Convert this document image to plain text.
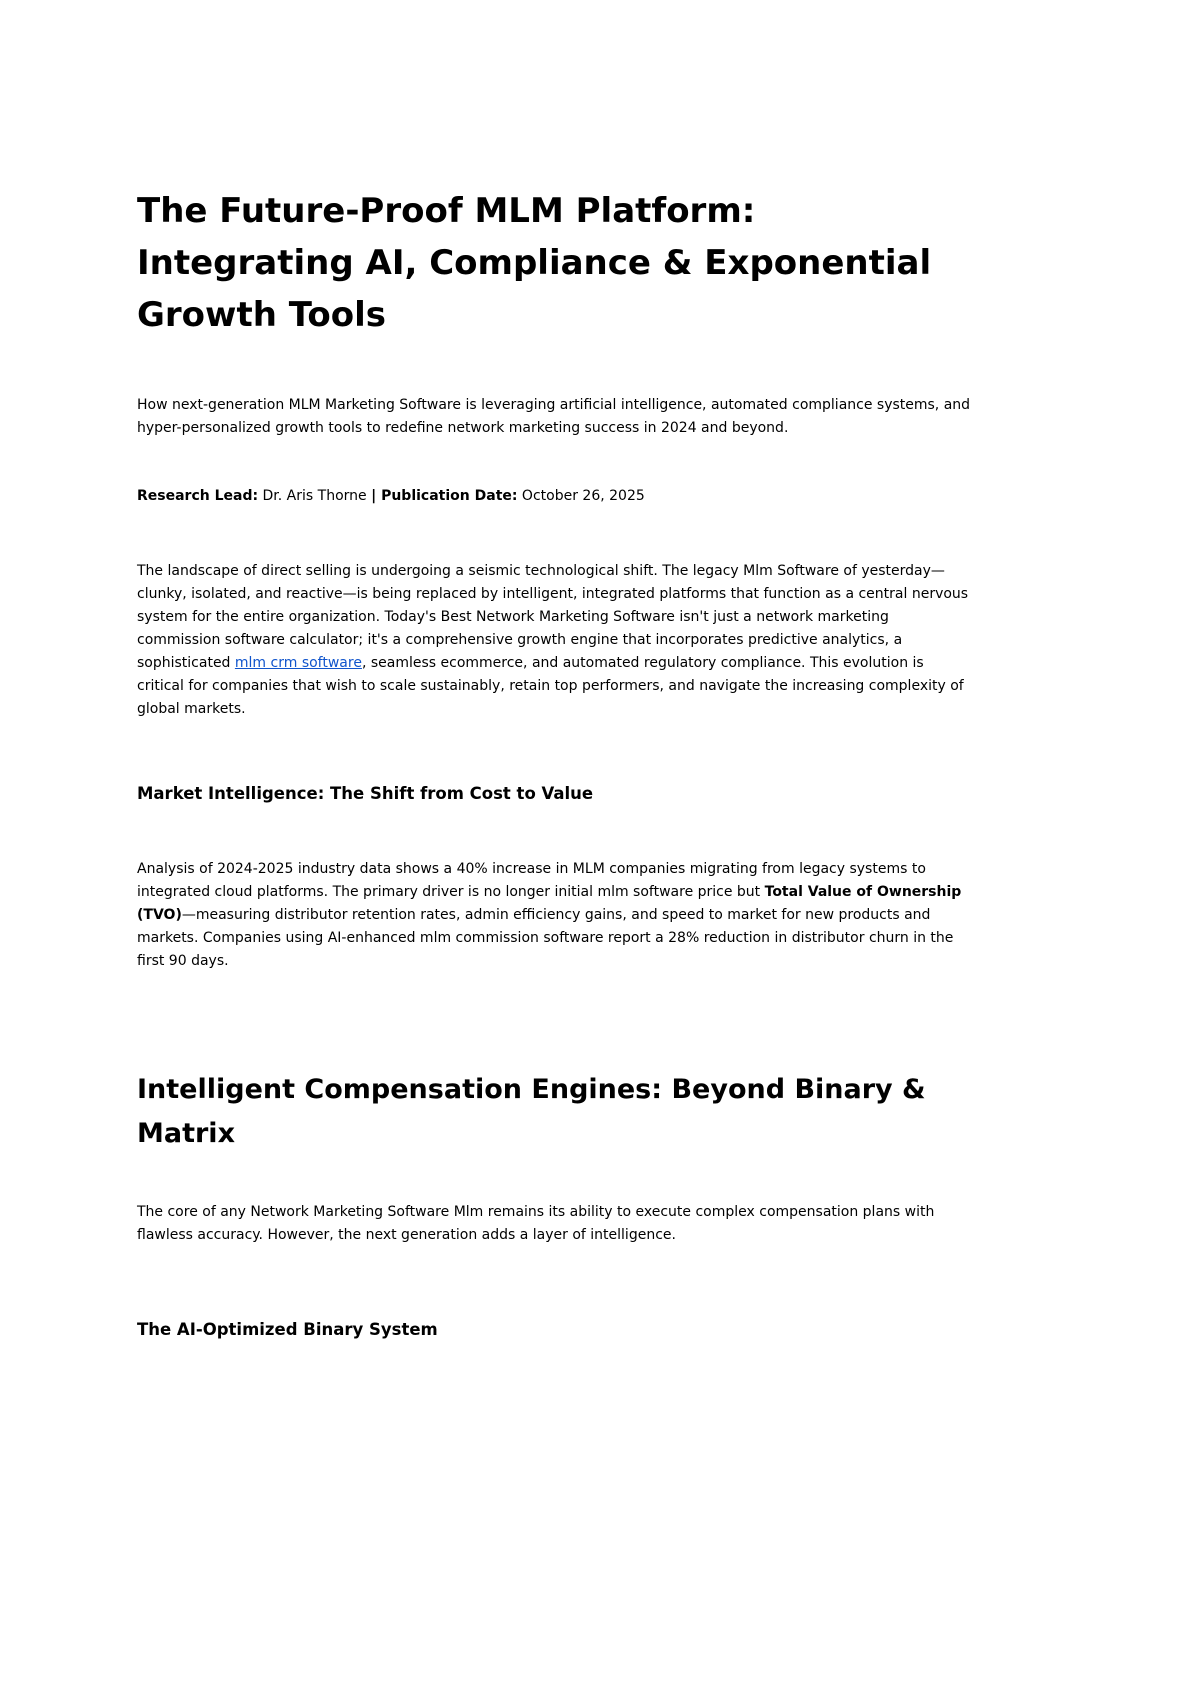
The Future-Proof MLM Platform: Integrating AI, Compliance & Exponential Growth Tools

How next-generation MLM Marketing Software is leveraging artificial intelligence, automated compliance systems, and hyper-personalized growth tools to redefine network marketing success in 2024 and beyond.

Research Lead: Dr. Aris Thorne | Publication Date: October 26, 2025

The landscape of direct selling is undergoing a seismic technological shift. The legacy Mlm Software of yesterday—clunky, isolated, and reactive—is being replaced by intelligent, integrated platforms that function as a central nervous system for the entire organization. Today's Best Network Marketing Software isn't just a network marketing commission software calculator; it's a comprehensive growth engine that incorporates predictive analytics, a sophisticated mlm crm software, seamless ecommerce, and automated regulatory compliance. This evolution is critical for companies that wish to scale sustainably, retain top performers, and navigate the increasing complexity of global markets.

Market Intelligence: The Shift from Cost to Value

Analysis of 2024-2025 industry data shows a 40% increase in MLM companies migrating from legacy systems to integrated cloud platforms. The primary driver is no longer initial mlm software price but Total Value of Ownership (TVO)—measuring distributor retention rates, admin efficiency gains, and speed to market for new products and markets. Companies using AI-enhanced mlm commission software report a 28% reduction in distributor churn in the first 90 days.

Intelligent Compensation Engines: Beyond Binary & Matrix

The core of any Network Marketing Software Mlm remains its ability to execute complex compensation plans with flawless accuracy. However, the next generation adds a layer of intelligence.

The AI-Optimized Binary System
